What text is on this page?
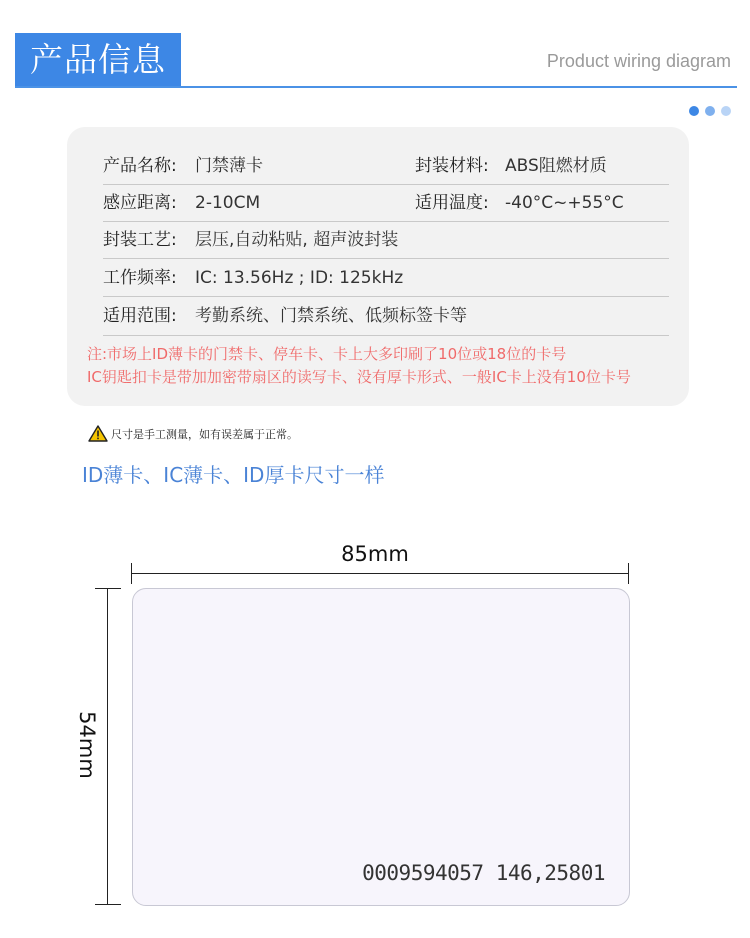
产品信息	Product wiring diagram
产品名称: 门禁薄卡	封装材料: ABS阻燃材质
感应距离: 2-10CM	适用温度: -40°C~+55°C
封装工艺: 层压,自动粘贴, 超声波封装
工作频率: IC: 13.56Hz ; ID: 125kHz
适用范围: 考勤系统、门禁系统、低频标签卡等
注:市场上ID薄卡的门禁卡、停车卡、卡上大多印刷了10位或18位的卡号
IC钥匙扣卡是带加加密带扇区的读写卡、没有厚卡形式、一般IC卡上没有10位卡号
尺寸是手工测量，如有误差属于正常。
ID薄卡、IC薄卡、ID厚卡尺寸一样
85mm
54mm
0009594057 146,25801
